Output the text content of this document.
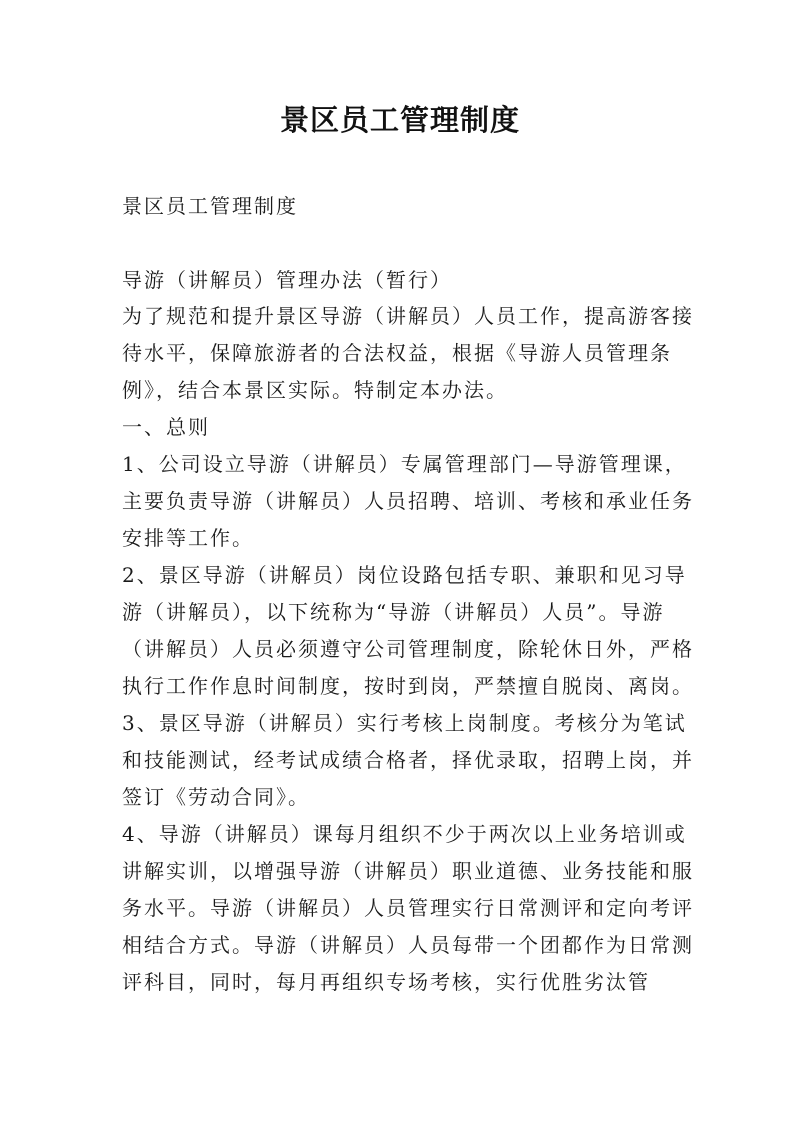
景区员工管理制度
景区员工管理制度
导游（讲解员）管理办法（暂行）
为了规范和提升景区导游（讲解员）人员工作，提高游客接
待水平，保障旅游者的合法权益，根据《导游人员管理条
例》，结合本景区实际。特制定本办法。
一、总则
1、公司设立导游（讲解员）专属管理部门—导游管理课，
主要负责导游（讲解员）人员招聘、培训、考核和承业任务
安排等工作。
2、景区导游（讲解员）岗位设路包括专职、兼职和见习导
游（讲解员），以下统称为“导游（讲解员）人员”。导游
（讲解员）人员必须遵守公司管理制度，除轮休日外，严格
执行工作作息时间制度，按时到岗，严禁擅自脱岗、离岗。
3、景区导游（讲解员）实行考核上岗制度。考核分为笔试
和技能测试，经考试成绩合格者，择优录取，招聘上岗，并
签订《劳动合同》。
4、导游（讲解员）课每月组织不少于两次以上业务培训或
讲解实训，以增强导游（讲解员）职业道德、业务技能和服
务水平。导游（讲解员）人员管理实行日常测评和定向考评
相结合方式。导游（讲解员）人员每带一个团都作为日常测
评科目，同时，每月再组织专场考核，实行优胜劣汰管
